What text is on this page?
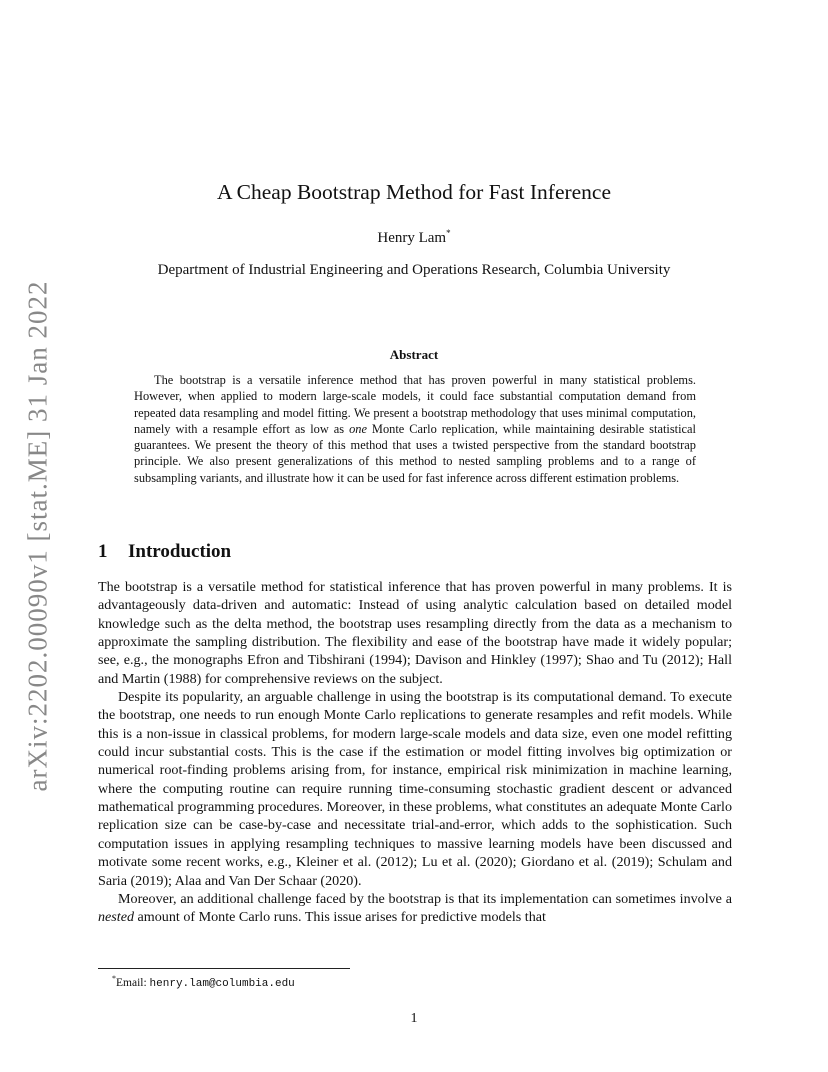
arXiv:2202.00090v1 [stat.ME] 31 Jan 2022
A Cheap Bootstrap Method for Fast Inference
Henry Lam*
Department of Industrial Engineering and Operations Research, Columbia University
Abstract

The bootstrap is a versatile inference method that has proven powerful in many statistical problems. However, when applied to modern large-scale models, it could face substantial computation demand from repeated data resampling and model fitting. We present a bootstrap methodology that uses minimal computation, namely with a resample effort as low as one Monte Carlo replication, while maintaining desirable statistical guarantees. We present the theory of this method that uses a twisted perspective from the standard bootstrap principle. We also present generalizations of this method to nested sampling problems and to a range of subsampling variants, and illustrate how it can be used for fast inference across different estimation problems.

1 Introduction

The bootstrap is a versatile method for statistical inference that has proven powerful in many problems. It is advantageously data-driven and automatic: Instead of using analytic calculation based on detailed model knowledge such as the delta method, the bootstrap uses resampling directly from the data as a mechanism to approximate the sampling distribution. The flexibility and ease of the bootstrap have made it widely popular; see, e.g., the monographs Efron and Tibshirani (1994); Davison and Hinkley (1997); Shao and Tu (2012); Hall and Martin (1988) for comprehensive reviews on the subject.

Despite its popularity, an arguable challenge in using the bootstrap is its computational demand. To execute the bootstrap, one needs to run enough Monte Carlo replications to generate resamples and refit models. While this is a non-issue in classical problems, for modern large-scale models and data size, even one model refitting could incur substantial costs. This is the case if the estimation or model fitting involves big optimization or numerical root-finding problems arising from, for instance, empirical risk minimization in machine learning, where the computing routine can require running time-consuming stochastic gradient descent or advanced mathematical programming procedures. Moreover, in these problems, what constitutes an adequate Monte Carlo replication size can be case-by-case and necessitate trial-and-error, which adds to the sophistication. Such computation issues in applying resampling techniques to massive learning models have been discussed and motivate some recent works, e.g., Kleiner et al. (2012); Lu et al. (2020); Giordano et al. (2019); Schulam and Saria (2019); Alaa and Van Der Schaar (2020).

Moreover, an additional challenge faced by the bootstrap is that its implementation can sometimes involve a nested amount of Monte Carlo runs. This issue arises for predictive models that

*Email: henry.lam@columbia.edu
1
